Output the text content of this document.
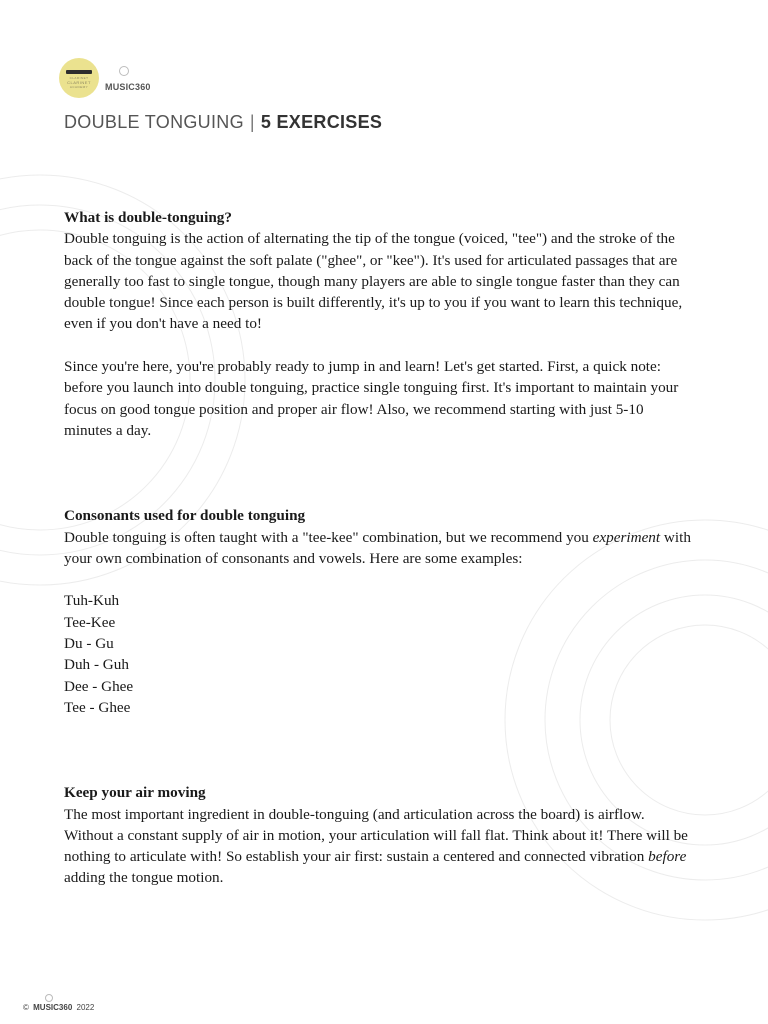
CLARINET
CLARINET
ACADEMY	MUSIC360
DOUBLE TONGUING | 5 EXERCISES
What is double-tonguing?

Double tonguing is the action of alternating the tip of the tongue (voiced, "tee") and the stroke of the back of the tongue against the soft palate ("ghee", or "kee"). It's used for articulated passages that are generally too fast to single tongue, though many players are able to single tongue faster than they can double tongue! Since each person is built differently, it's up to you if you want to learn this technique, even if you don't have a need to!

Since you're here, you're probably ready to jump in and learn! Let's get started. First, a quick note: before you launch into double tonguing, practice single tonguing first. It's important to maintain your focus on good tongue position and proper air flow! Also, we recommend starting with just 5-10 minutes a day.

Consonants used for double tonguing

Double tonguing is often taught with a "tee-kee" combination, but we recommend you experiment with your own combination of consonants and vowels. Here are some examples:

Tuh-Kuh
Tee-Kee
Du - Gu
Duh - Guh
Dee - Ghee
Tee - Ghee
Keep your air moving

The most important ingredient in double-tonguing (and articulation across the board) is airflow. Without a constant supply of air in motion, your articulation will fall flat. Think about it! There will be nothing to articulate with! So establish your air first: sustain a centered and connected vibration before adding the tongue motion.

© MUSIC360 2022
